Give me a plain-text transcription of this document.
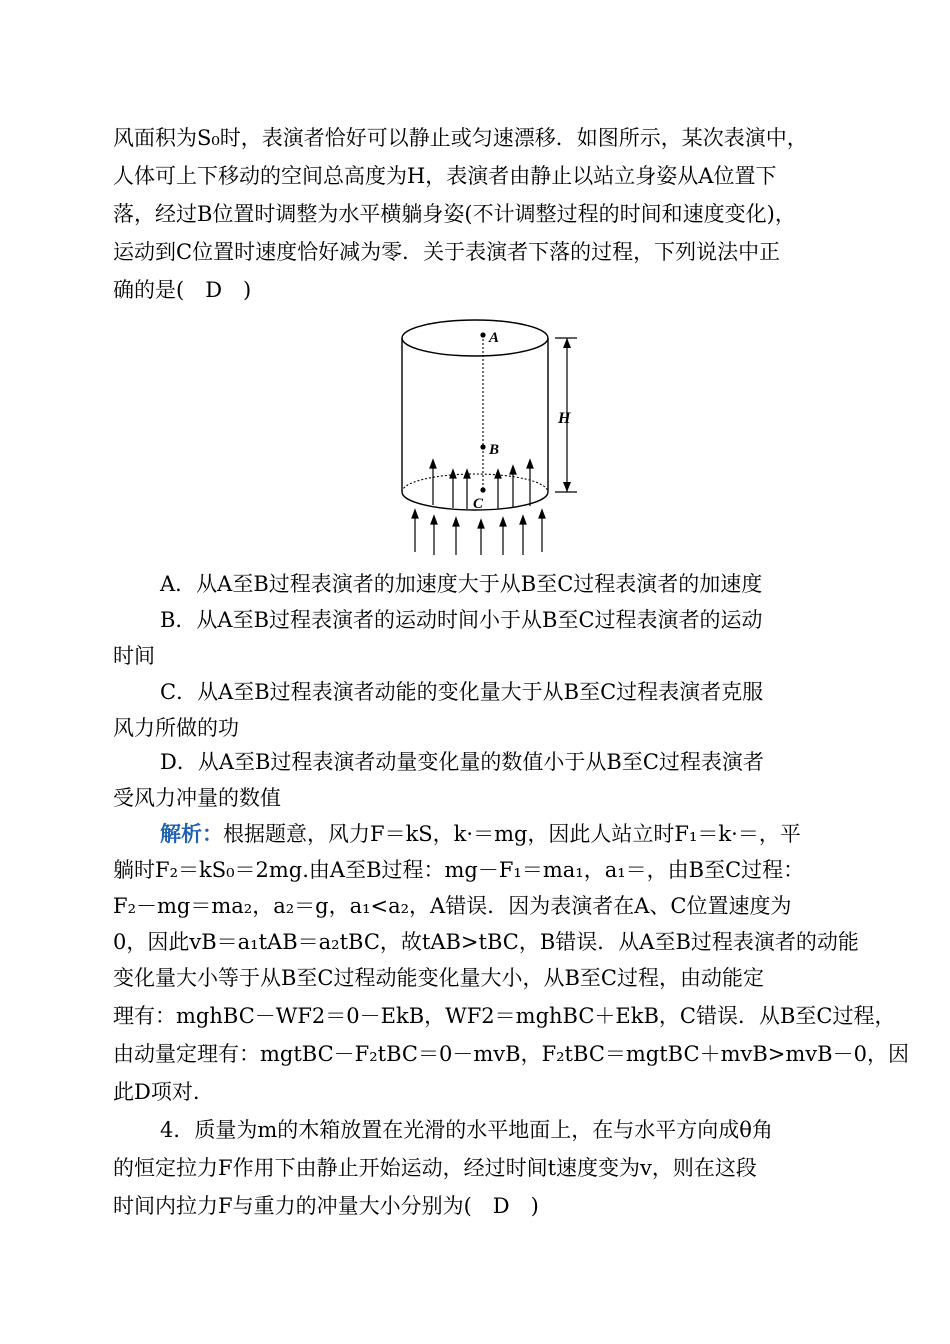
风面积为S₀时，表演者恰好可以静止或匀速漂移．如图所示，某次表演中，
人体可上下移动的空间总高度为H，表演者由静止以站立身姿从A位置下
落，经过B位置时调整为水平横躺身姿(不计调整过程的时间和速度变化)，
运动到C位置时速度恰好减为零．关于表演者下落的过程，下列说法中正
确的是(　D　)
A
B
C
H
A．从A至B过程表演者的加速度大于从B至C过程表演者的加速度
B．从A至B过程表演者的运动时间小于从B至C过程表演者的运动
时间
C．从A至B过程表演者动能的变化量大于从B至C过程表演者克服
风力所做的功
D．从A至B过程表演者动量变化量的数值小于从B至C过程表演者
受风力冲量的数值
解析：根据题意，风力F＝kS，k·＝mg，因此人站立时F₁＝k·＝，平
躺时F₂＝kS₀＝2mg.由A至B过程：mg－F₁＝ma₁，a₁＝，由B至C过程：
F₂－mg＝ma₂，a₂＝g，a₁<a₂，A错误．因为表演者在A、C位置速度为
0，因此vB＝a₁tAB＝a₂tBC，故tAB>tBC，B错误．从A至B过程表演者的动能
变化量大小等于从B至C过程动能变化量大小，从B至C过程，由动能定
理有：mghBC－WF2＝0－EkB，WF2＝mghBC＋EkB，C错误．从B至C过程，
由动量定理有：mgtBC－F₂tBC＝0－mvB，F₂tBC＝mgtBC＋mvB>mvB－0，因
此D项对.
4．质量为m的木箱放置在光滑的水平地面上，在与水平方向成θ角
的恒定拉力F作用下由静止开始运动，经过时间t速度变为v，则在这段
时间内拉力F与重力的冲量大小分别为(　D　)
